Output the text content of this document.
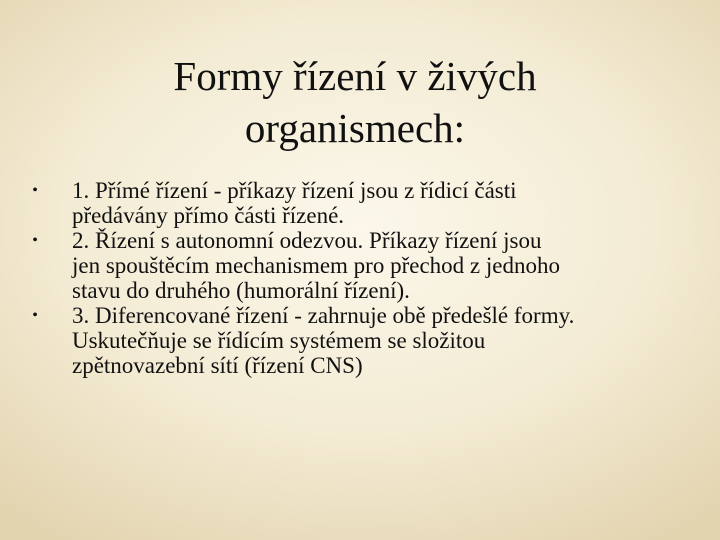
Formy řízení v živých
organismech:
• 1. Přímé řízení - příkazy řízení jsou z řídicí části
předávány přímo části řízené.
• 2. Řízení s autonomní odezvou. Příkazy řízení jsou
jen spouštěcím mechanismem pro přechod z jednoho
stavu do druhého (humorální řízení).
• 3. Diferencované řízení - zahrnuje obě předešlé formy.
Uskutečňuje se řídícím systémem se složitou
zpětnovazební sítí (řízení CNS)
